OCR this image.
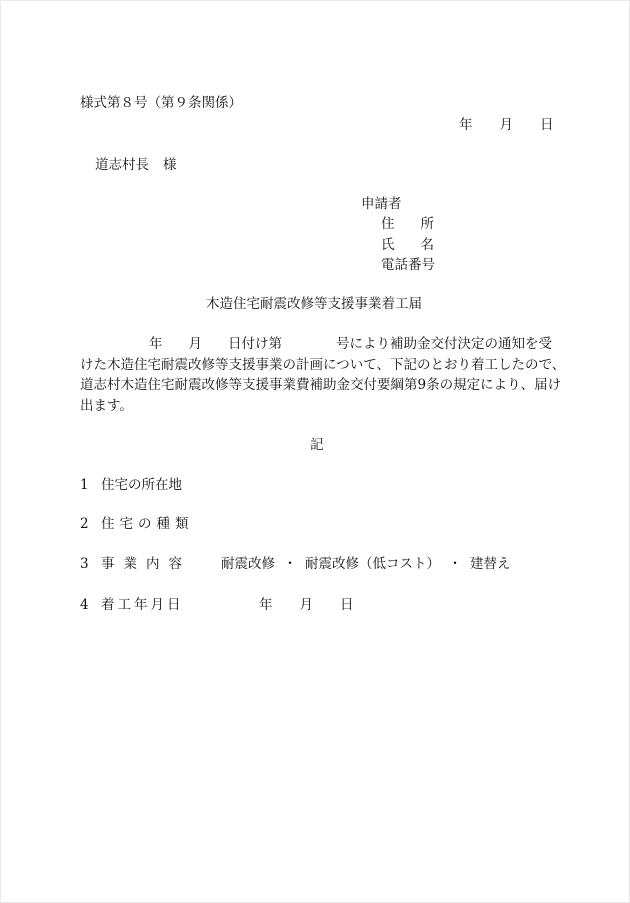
様式第８号（第９条関係）
年 月 日
道志村長 様
申請者
住 所
氏 名
電話番号
木造住宅耐震改修等支援事業着工届
年 月 日付け第	号により補助金交付決定の通知を受
けた木造住宅耐震改修等支援事業の計画について、下記のとおり着工したので、
道志村木造住宅耐震改修等支援事業費補助金交付要綱第9条の規定により、届け
出ます。
記
1 住宅の所在地
2 住宅の種類
3 事業内容 耐震改修 ・ 耐震改修（低コスト） ・ 建替え
4 着工年月日	年 月 日
